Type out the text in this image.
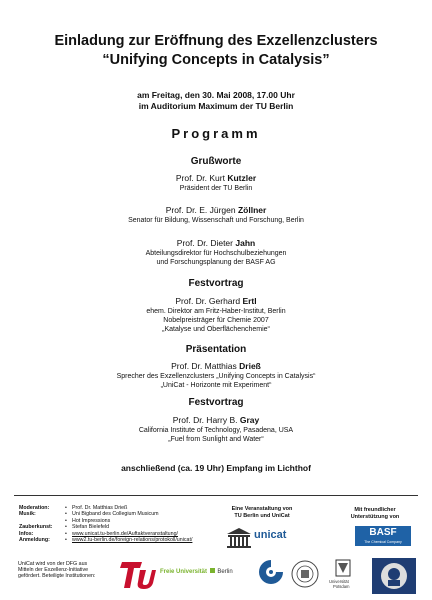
Einladung zur Eröffnung des Exzellenzclusters
“Unifying Concepts in Catalysis”
am Freitag, den 30. Mai 2008, 17.00 Uhr
im Auditorium Maximum der TU Berlin
Programm
Grußworte
Prof. Dr. Kurt Kutzler
Präsident der TU Berlin
Prof. Dr. E. Jürgen Zöllner
Senator für Bildung, Wissenschaft und Forschung, Berlin
Prof. Dr. Dieter Jahn
Abteilungsdirektor für Hochschulbeziehungen
und Forschungsplanung der BASF AG
Festvortrag
Prof. Dr. Gerhard Ertl
ehem. Direktor am Fritz-Haber-Institut, Berlin
Nobelpreisträger für Chemie 2007
„Katalyse und Oberflächenchemie“
Präsentation
Prof. Dr. Matthias Drieß
Sprecher des Exzellenzclusters „Unifying Concepts in Catalysis“
„UniCat - Horizonte mit Experiment“
Festvortrag
Prof. Dr. Harry B. Gray
California Institute of Technology, Pasadena, USA
„Fuel from Sunlight and Water“
anschließend (ca. 19 Uhr) Empfang im Lichthof
Moderation:	•	Prof. Dr. Matthias Drieß
Musik:	•	Uni Bigband des Collegium Musicum
	•	Hot Impressions
Zauberkunst:	•	Stefan Bielefeld
Infos:	•	www.unicat.tu-berlin.de/Auftaktveranstaltung/
Anmeldung:	•	www2.tu-berlin.de/foreign-relations/protokoll/unicat/
Eine Veranstaltung von
TU Berlin und UniCat
unicat
Mit freundlicher
Unterstützung von
BASF
The Chemical Company
UniCat wird von der DFG aus
Mitteln der Exzellenz-Initiative
gefördert. Beteiligte Institutionen:
TU
Freie Universität Berlin
Universität
Potsdam
